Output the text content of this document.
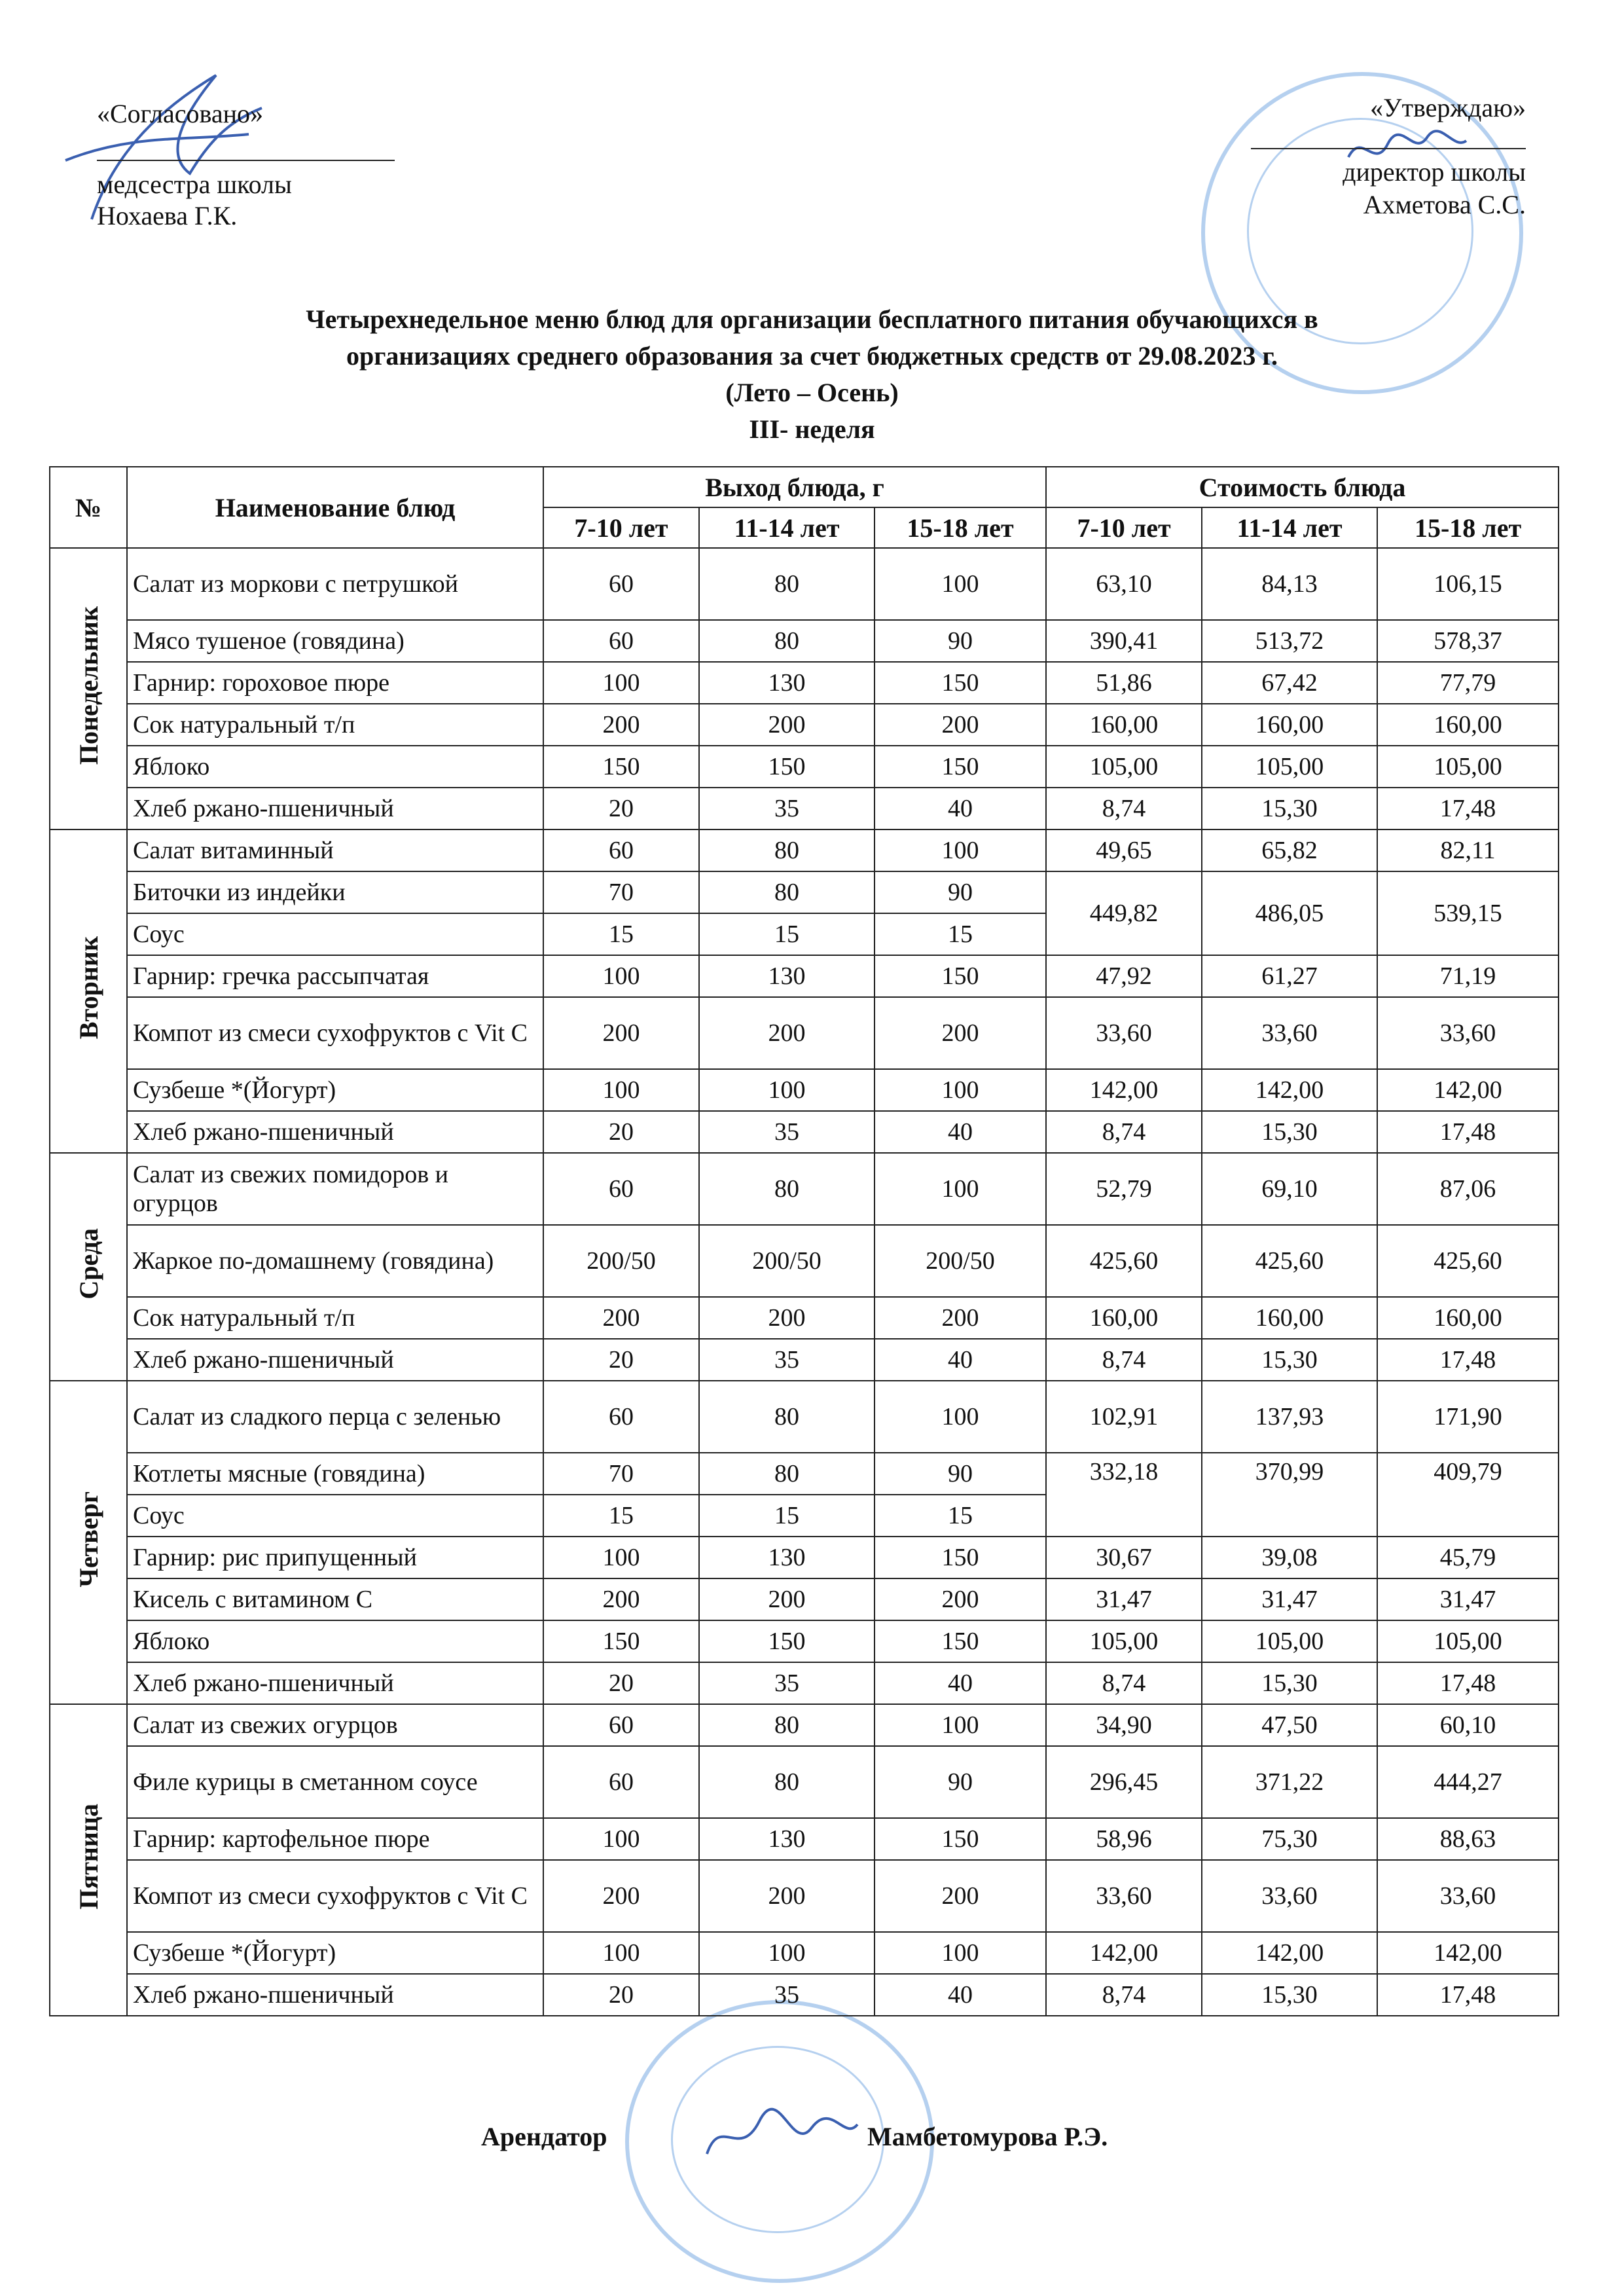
«Согласовано»
медсестра школы
Нохаева Г.К.
«Утверждаю»
директор школы
Ахметова С.С.
Четырехнедельное меню блюд для организации бесплатного питания обучающихся в
организациях среднего образования за счет бюджетных средств от 29.08.2023 г.
(Лето – Осень)
III- неделя
№	Наименование блюд	Выход блюда, г			Стоимость блюда		
		7-10 лет	11-14 лет	15-18 лет	7-10 лет	11-14 лет	15-18 лет
Понедельник	Салат из моркови с петрушкой	60	80	100	63,10	84,13	106,15
	Мясо тушеное (говядина)	60	80	90	390,41	513,72	578,37
	Гарнир: гороховое пюре	100	130	150	51,86	67,42	77,79
	Сок натуральный т/п	200	200	200	160,00	160,00	160,00
	Яблоко	150	150	150	105,00	105,00	105,00
	Хлеб ржано-пшеничный	20	35	40	8,74	15,30	17,48
Вторник	Салат витаминный	60	80	100	49,65	65,82	82,11
	Биточки из индейки	70	80	90	449,82	486,05	539,15
	Соус	15	15	15			
	Гарнир: гречка рассыпчатая	100	130	150	47,92	61,27	71,19
	Компот из смеси сухофруктов с Vit C	200	200	200	33,60	33,60	33,60
	Сузбеше *(Йогурт)	100	100	100	142,00	142,00	142,00
	Хлеб ржано-пшеничный	20	35	40	8,74	15,30	17,48
Среда	Салат из свежих помидоров и огурцов	60	80	100	52,79	69,10	87,06
	Жаркое по-домашнему (говядина)	200/50	200/50	200/50	425,60	425,60	425,60
	Сок натуральный т/п	200	200	200	160,00	160,00	160,00
	Хлеб ржано-пшеничный	20	35	40	8,74	15,30	17,48
Четверг	Салат из сладкого перца с зеленью	60	80	100	102,91	137,93	171,90
	Котлеты мясные (говядина)	70	80	90	332,18	370,99	409,79
	Соус	15	15	15			
	Гарнир: рис припущенный	100	130	150	30,67	39,08	45,79
	Кисель с витамином С	200	200	200	31,47	31,47	31,47
	Яблоко	150	150	150	105,00	105,00	105,00
	Хлеб ржано-пшеничный	20	35	40	8,74	15,30	17,48
Пятница	Салат из свежих огурцов	60	80	100	34,90	47,50	60,10
	Филе курицы в сметанном соусе	60	80	90	296,45	371,22	444,27
	Гарнир: картофельное пюре	100	130	150	58,96	75,30	88,63
	Компот из смеси сухофруктов с Vit C	200	200	200	33,60	33,60	33,60
	Сузбеше *(Йогурт)	100	100	100	142,00	142,00	142,00
	Хлеб ржано-пшеничный	20	35	40	8,74	15,30	17,48
Арендатор	Мамбетомурова Р.Э.
